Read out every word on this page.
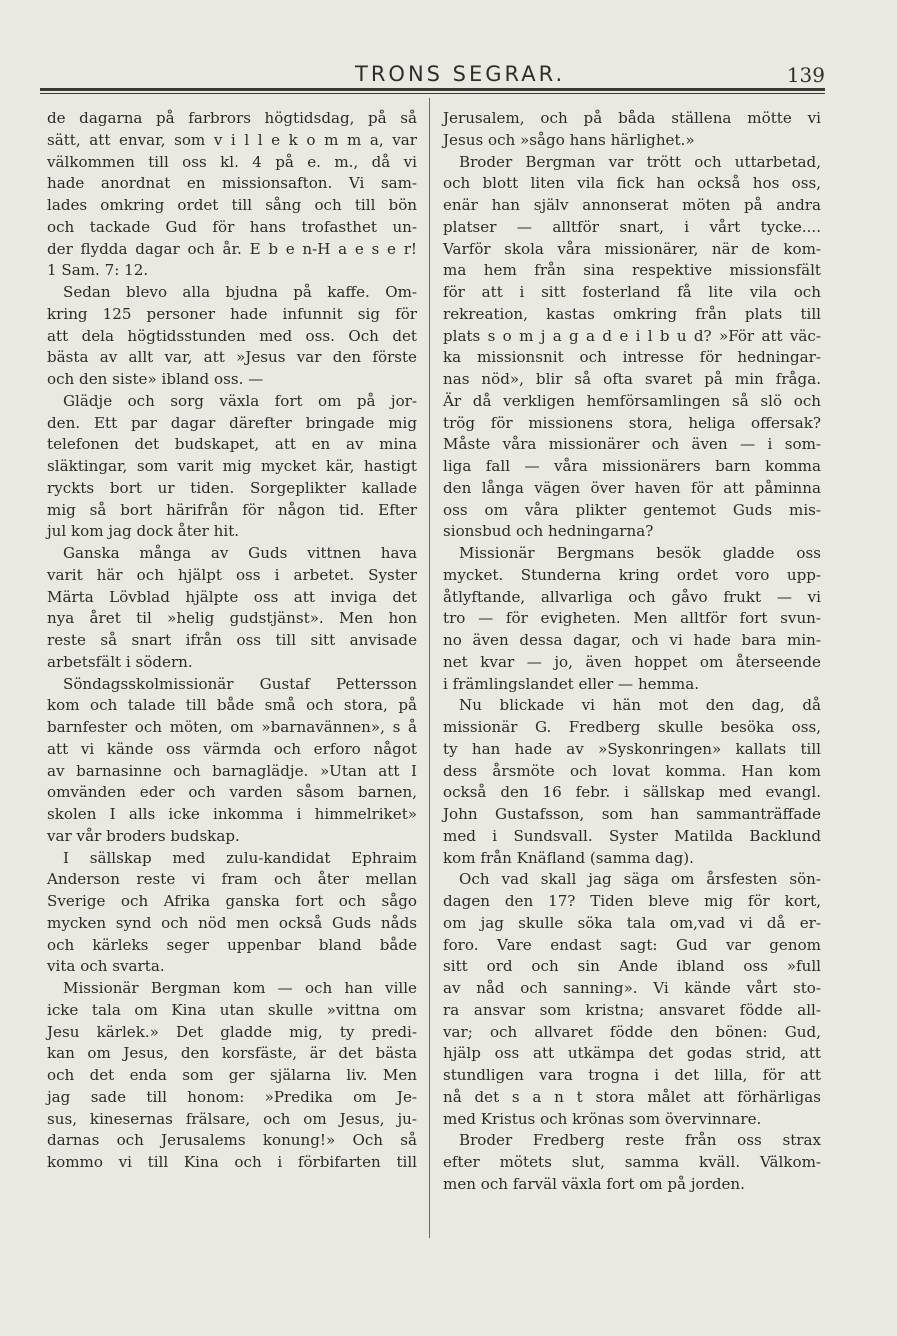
TRONS SEGRAR.	139
de dagarna på farbrors högtidsdag, på så
sätt, att envar, som v i l l e k o m m a, var
välkommen till oss kl. 4 på e. m., då vi
hade anordnat en missionsafton. Vi sam-
lades omkring ordet till sång och till bön
och tackade Gud för hans trofasthet un-
der flydda dagar och år. E b e n-H a e s e r!
1 Sam. 7: 12.
Sedan blevo alla bjudna på kaffe. Om-
kring 125 personer hade infunnit sig för
att dela högtidsstunden med oss. Och det
bästa av allt var, att »Jesus var den förste
och den siste» ibland oss. —
Glädje och sorg växla fort om på jor-
den. Ett par dagar därefter bringade mig
telefonen det budskapet, att en av mina
släktingar, som varit mig mycket kär, hastigt
ryckts bort ur tiden. Sorgeplikter kallade
mig så bort härifrån för någon tid. Efter
jul kom jag dock åter hit.
Ganska många av Guds vittnen hava
varit här och hjälpt oss i arbetet. Syster
Märta Lövblad hjälpte oss att inviga det
nya året til »helig gudstjänst». Men hon
reste så snart ifrån oss till sitt anvisade
arbetsfält i södern.
Söndagsskolmissionär Gustaf Pettersson
kom och talade till både små och stora, på
barnfester och möten, om »barnavännen», s å
att vi kände oss värmda och erforo något
av barnasinne och barnaglädje. »Utan att I
omvänden eder och varden såsom barnen,
skolen I alls icke inkomma i himmelriket»
var vår broders budskap.
I sällskap med zulu-kandidat Ephraim
Anderson reste vi fram och åter mellan
Sverige och Afrika ganska fort och sågo
mycken synd och nöd men också Guds nåds
och kärleks seger uppenbar bland både
vita och svarta.
Missionär Bergman kom — och han ville
icke tala om Kina utan skulle »vittna om
Jesu kärlek.» Det gladde mig, ty predi-
kan om Jesus, den korsfäste, är det bästa
och det enda som ger själarna liv. Men
jag sade till honom: »Predika om Je-
sus, kinesernas frälsare, och om Jesus, ju-
darnas och Jerusalems konung!» Och så
kommo vi till Kina och i förbifarten till
Jerusalem, och på båda ställena mötte vi
Jesus och »sågo hans härlighet.»
Broder Bergman var trött och uttarbetad,
och blott liten vila fick han också hos oss,
enär han själv annonserat möten på andra
platser — alltför snart, i vårt tycke....
Varför skola våra missionärer, när de kom-
ma hem från sina respektive missionsfält
för att i sitt fosterland få lite vila och
rekreation, kastas omkring från plats till
plats s o m j a g a d e i l b u d? »För att väc-
ka missionsnit och intresse för hedningar-
nas nöd», blir så ofta svaret på min fråga.
Är då verkligen hemförsamlingen så slö och
trög för missionens stora, heliga offersak?
Måste våra missionärer och även — i som-
liga fall — våra missionärers barn komma
den långa vägen över haven för att påminna
oss om våra plikter gentemot Guds mis-
sionsbud och hedningarna?
Missionär Bergmans besök gladde oss
mycket. Stunderna kring ordet voro upp-
åtlyftande, allvarliga och gåvo frukt — vi
tro — för evigheten. Men alltför fort svun-
no även dessa dagar, och vi hade bara min-
net kvar — jo, även hoppet om återseende
i främlingslandet eller — hemma.
Nu blickade vi hän mot den dag, då
missionär G. Fredberg skulle besöka oss,
ty han hade av »Syskonringen» kallats till
dess årsmöte och lovat komma. Han kom
också den 16 febr. i sällskap med evangl.
John Gustafsson, som han sammanträffade
med i Sundsvall. Syster Matilda Backlund
kom från Knäfland (samma dag).
Och vad skall jag säga om årsfesten sön-
dagen den 17? Tiden bleve mig för kort,
om jag skulle söka tala om,vad vi då er-
foro. Vare endast sagt: Gud var genom
sitt ord och sin Ande ibland oss »full
av nåd och sanning». Vi kände vårt sto-
ra ansvar som kristna; ansvaret födde all-
var; och allvaret födde den bönen: Gud,
hjälp oss att utkämpa det godas strid, att
stundligen vara trogna i det lilla, för att
nå det s a n t stora målet att förhärligas
med Kristus och krönas som övervinnare.
Broder Fredberg reste från oss strax
efter mötets slut, samma kväll. Välkom-
men och farväl växla fort om på jorden.
